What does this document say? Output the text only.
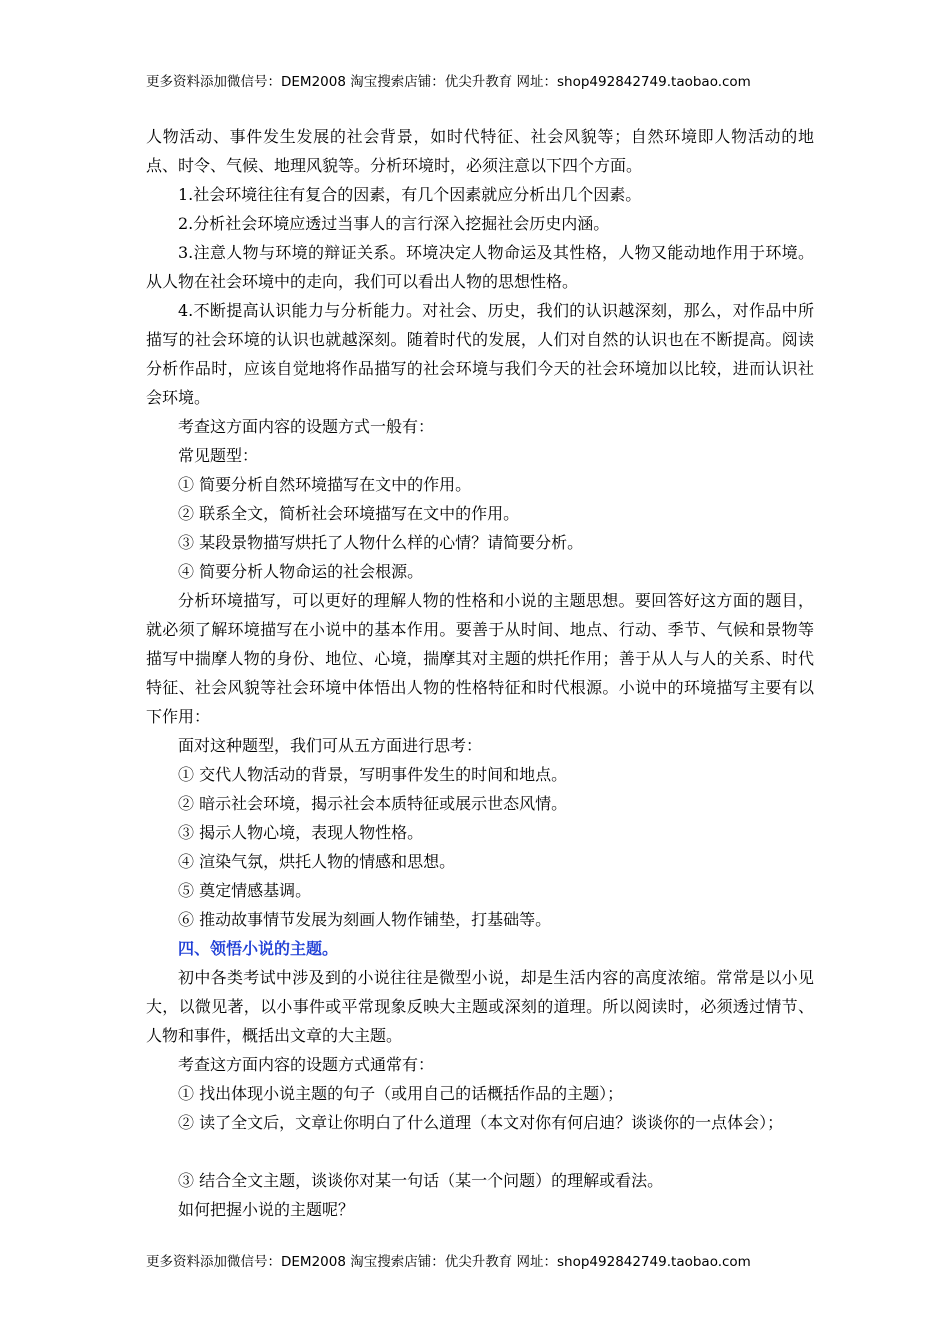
更多资料添加微信号：DEM2008 淘宝搜索店铺：优尖升教育 网址：shop492842749.taobao.com

人物活动、事件发生发展的社会背景，如时代特征、社会风貌等；自然环境即人物活动的地点、时令、气候、地理风貌等。分析环境时，必须注意以下四个方面。

1.社会环境往往有复合的因素，有几个因素就应分析出几个因素。

2.分析社会环境应透过当事人的言行深入挖掘社会历史内涵。

3.注意人物与环境的辩证关系。环境决定人物命运及其性格，人物又能动地作用于环境。从人物在社会环境中的走向，我们可以看出人物的思想性格。

4.不断提高认识能力与分析能力。对社会、历史，我们的认识越深刻，那么，对作品中所描写的社会环境的认识也就越深刻。随着时代的发展，人们对自然的认识也在不断提高。阅读分析作品时，应该自觉地将作品描写的社会环境与我们今天的社会环境加以比较，进而认识社会环境。

考查这方面内容的设题方式一般有：

常见题型：

① 简要分析自然环境描写在文中的作用。

② 联系全文，简析社会环境描写在文中的作用。

③ 某段景物描写烘托了人物什么样的心情？请简要分析。

④ 简要分析人物命运的社会根源。

分析环境描写，可以更好的理解人物的性格和小说的主题思想。要回答好这方面的题目，就必须了解环境描写在小说中的基本作用。要善于从时间、地点、行动、季节、气候和景物等描写中揣摩人物的身份、地位、心境，揣摩其对主题的烘托作用；善于从人与人的关系、时代特征、社会风貌等社会环境中体悟出人物的性格特征和时代根源。小说中的环境描写主要有以下作用：

面对这种题型，我们可从五方面进行思考：

① 交代人物活动的背景，写明事件发生的时间和地点。

② 暗示社会环境，揭示社会本质特征或展示世态风情。

③ 揭示人物心境，表现人物性格。

④ 渲染气氛，烘托人物的情感和思想。

⑤ 奠定情感基调。

⑥ 推动故事情节发展为刻画人物作铺垫，打基础等。

四、领悟小说的主题。

初中各类考试中涉及到的小说往往是微型小说，却是生活内容的高度浓缩。常常是以小见大，以微见著，以小事件或平常现象反映大主题或深刻的道理。所以阅读时，必须透过情节、人物和事件，概括出文章的大主题。

考查这方面内容的设题方式通常有：

① 找出体现小说主题的句子（或用自己的话概括作品的主题）；

② 读了全文后，文章让你明白了什么道理（本文对你有何启迪？谈谈你的一点体会）；

③ 结合全文主题，谈谈你对某一句话（某一个问题）的理解或看法。

如何把握小说的主题呢？

更多资料添加微信号：DEM2008 淘宝搜索店铺：优尖升教育 网址：shop492842749.taobao.com
